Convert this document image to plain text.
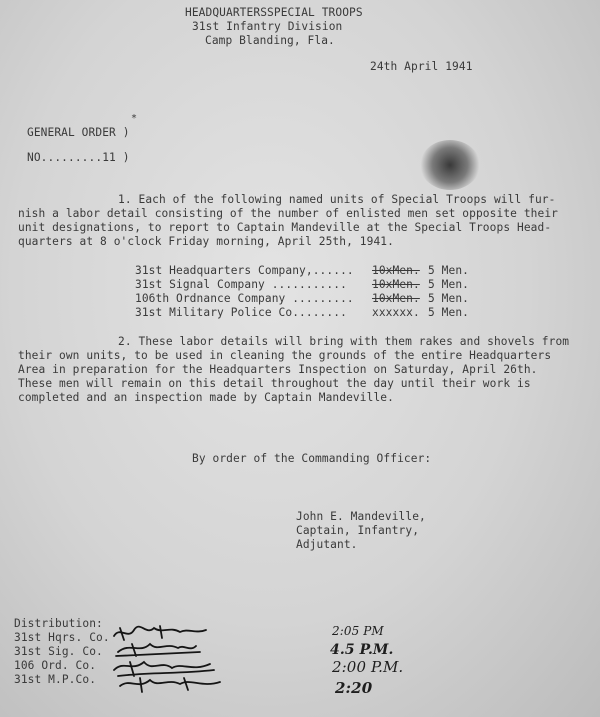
HEADQUARTERSSPECIAL TROOPS
31st Infantry Division
Camp Blanding, Fla.
24th April 1941
*
GENERAL ORDER )
NO.........11 )
1. Each of the following named units of Special Troops will fur-
nish a labor detail consisting of the number of enlisted men set opposite their
unit designations, to report to Captain Mandeville at the Special Troops Head-
quarters at 8 o'clock Friday morning, April 25th, 1941.
31st Headquarters Company,...... 10xMen. 5 Men.
31st Signal Company ........... 10xMen. 5 Men.
106th Ordnance Company ......... 10xMen. 5 Men.
31st Military Police Co........ xxxxxx. 5 Men.
2. These labor details will bring with them rakes and shovels from
their own units, to be used in cleaning the grounds of the entire Headquarters
Area in preparation for the Headquarters Inspection on Saturday, April 26th.
These men will remain on this detail throughout the day until their work is
completed and an inspection made by Captain Mandeville.
By order of the Commanding Officer:
John E. Mandeville,
Captain, Infantry,
Adjutant.
Distribution:
31st Hqrs. Co.
31st Sig. Co.
106 Ord. Co.
31st M.P.Co.
2:05 PM
4.5 P.M.
2:00 P.M.
2:20
